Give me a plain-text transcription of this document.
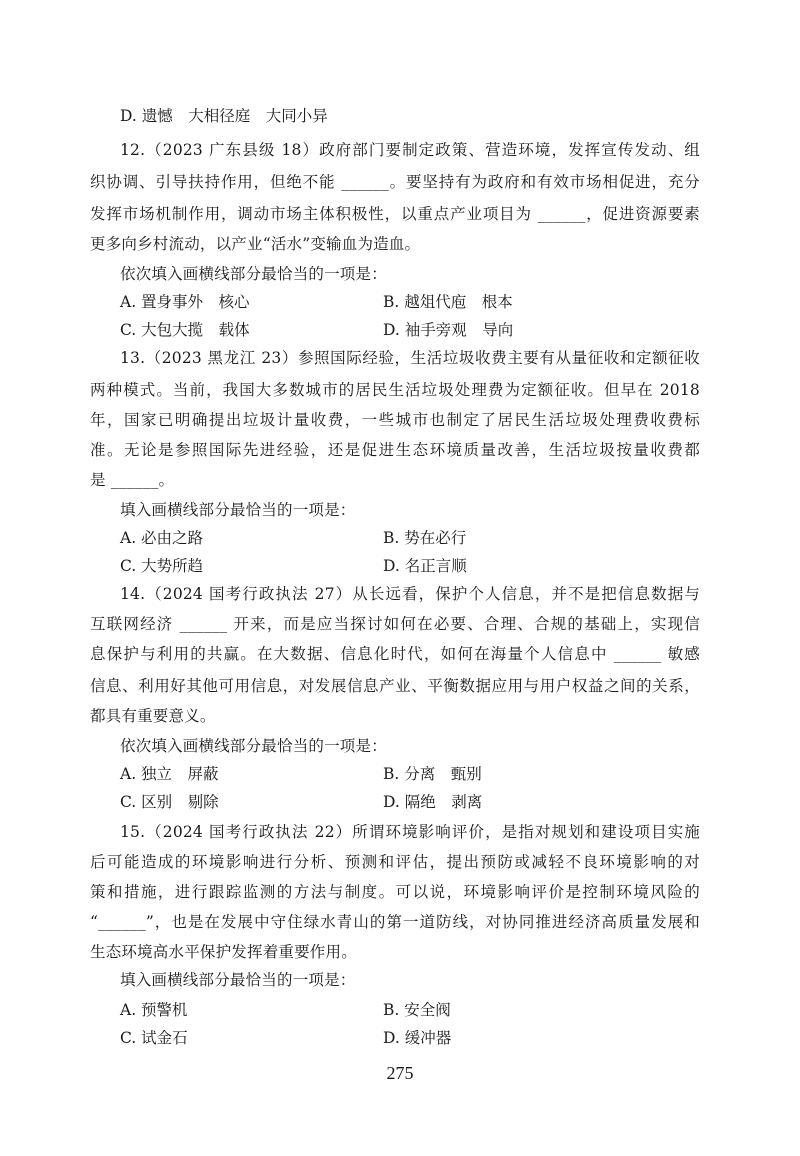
D. 遗憾　大相径庭　大同小异
12.（2023 广东县级 18）政府部门要制定政策、营造环境，发挥宣传发动、组
织协调、引导扶持作用，但绝不能 ______。要坚持有为政府和有效市场相促进，充分
发挥市场机制作用，调动市场主体积极性，以重点产业项目为 ______，促进资源要素
更多向乡村流动，以产业“活水”变输血为造血。
依次填入画横线部分最恰当的一项是：
A. 置身事外　核心	B. 越俎代庖　根本
C. 大包大揽　载体	D. 袖手旁观　导向
13.（2023 黑龙江 23）参照国际经验，生活垃圾收费主要有从量征收和定额征收
两种模式。当前，我国大多数城市的居民生活垃圾处理费为定额征收。但早在 2018
年，国家已明确提出垃圾计量收费，一些城市也制定了居民生活垃圾处理费收费标
准。无论是参照国际先进经验，还是促进生态环境质量改善，生活垃圾按量收费都
是 ______。
填入画横线部分最恰当的一项是：
A. 必由之路	B. 势在必行
C. 大势所趋	D. 名正言顺
14.（2024 国考行政执法 27）从长远看，保护个人信息，并不是把信息数据与
互联网经济 ______ 开来，而是应当探讨如何在必要、合理、合规的基础上，实现信
息保护与利用的共赢。在大数据、信息化时代，如何在海量个人信息中 ______ 敏感
信息、利用好其他可用信息，对发展信息产业、平衡数据应用与用户权益之间的关系，
都具有重要意义。
依次填入画横线部分最恰当的一项是：
A. 独立　屏蔽	B. 分离　甄别
C. 区别　剔除	D. 隔绝　剥离
15.（2024 国考行政执法 22）所谓环境影响评价，是指对规划和建设项目实施
后可能造成的环境影响进行分析、预测和评估，提出预防或减轻不良环境影响的对
策和措施，进行跟踪监测的方法与制度。可以说，环境影响评价是控制环境风险的
“______”，也是在发展中守住绿水青山的第一道防线，对协同推进经济高质量发展和
生态环境高水平保护发挥着重要作用。
填入画横线部分最恰当的一项是：
A. 预警机	B. 安全阀
C. 试金石	D. 缓冲器
275
